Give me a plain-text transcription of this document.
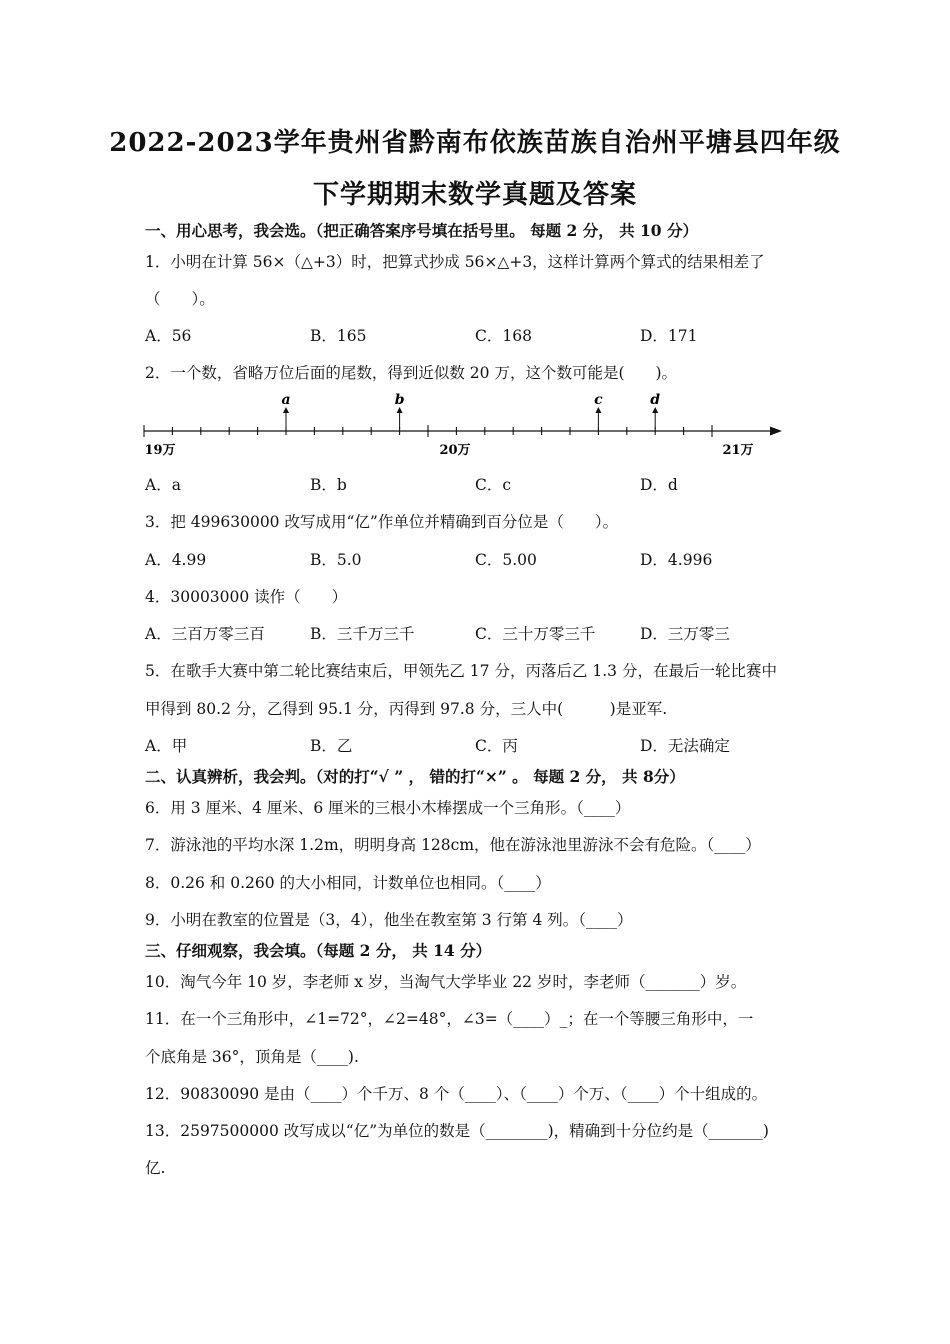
2022-2023学年贵州省黔南布依族苗族自治州平塘县四年级
下学期期末数学真题及答案
一、用心思考，我会选。（把正确答案序号填在括号里。 每题 2 分， 共 10 分）
1．小明在计算 56×（△+3）时，把算式抄成 56×△+3，这样计算两个算式的结果相差了
（　　）。
A．56	B．165	C．168	D．171
2．一个数，省略万位后面的尾数，得到近似数 20 万，这个数可能是(　　)。
a	b	c	d
19万	20万	21万
A．a	B．b	C．c	D．d
3．把 499630000 改写成用“亿”作单位并精确到百分位是（　　）。
A．4.99	B．5.0	C．5.00	D．4.996
4．30003000 读作（　　）
A．三百万零三百	B．三千万三千	C．三十万零三千	D．三万零三
5．在歌手大赛中第二轮比赛结束后，甲领先乙 17 分，丙落后乙 1.3 分，在最后一轮比赛中
甲得到 80.2 分，乙得到 95.1 分，丙得到 97.8 分，三人中(　　　)是亚军.
A．甲	B．乙	C．丙	D．无法确定
二、认真辨析，我会判。（对的打“√ ” ， 错的打“×” 。 每题 2 分， 共 8分）
6．用 3 厘米、4 厘米、6 厘米的三根小木棒摆成一个三角形。（____）
7．游泳池的平均水深 1.2m，明明身高 128cm，他在游泳池里游泳不会有危险。（____）
8．0.26 和 0.260 的大小相同，计数单位也相同。（____）
9．小明在教室的位置是（3，4），他坐在教室第 3 行第 4 列。（____）
三、仔细观察，我会填。（每题 2 分， 共 14 分）
10．淘气今年 10 岁，李老师 x 岁，当淘气大学毕业 22 岁时，李老师（_______）岁。
11．在一个三角形中，∠1=72°，∠2=48°，∠3=（____）_；在一个等腰三角形中，一
个底角是 36°，顶角是（____).
12．90830090 是由（____）个千万、8 个（____）、（____）个万、（____）个十组成的。
13．2597500000 改写成以“亿”为单位的数是（________)，精确到十分位约是（_______)
亿.
